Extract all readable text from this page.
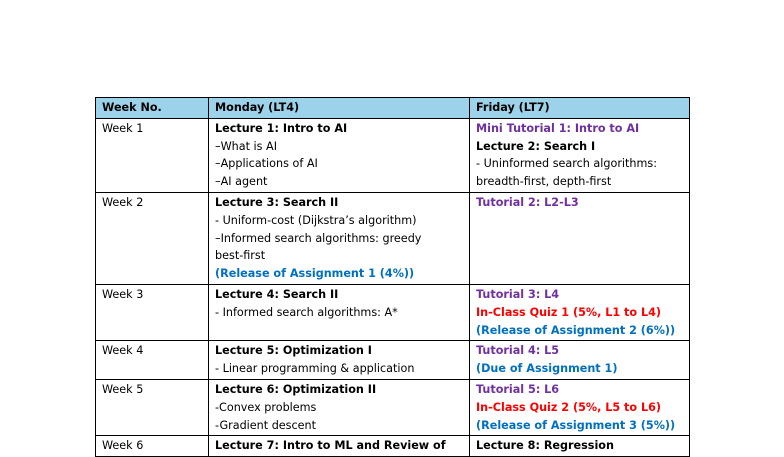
Week No.	Monday (LT4)	Friday (LT7)
Week 1	Lecture 1: Intro to AI
–What is AI
–Applications of AI
–AI agent	Mini Tutorial 1: Intro to AI
Lecture 2: Search I
- Uninformed search algorithms:
breadth-first, depth-first

Week 2	Lecture 3: Search II
- Uniform-cost (Dijkstra’s algorithm)
–Informed search algorithms: greedy
best-first
(Release of Assignment 1 (4%))	Tutorial 2: L2-L3

Week 3	Lecture 4: Search II
- Informed search algorithms: A*	Tutorial 3: L4
In-Class Quiz 1 (5%, L1 to L4)
(Release of Assignment 2 (6%))

Week 4	Lecture 5: Optimization I
- Linear programming & application	Tutorial 4: L5
(Due of Assignment 1)

Week 5	Lecture 6: Optimization II
-Convex problems
-Gradient descent	Tutorial 5: L6
In-Class Quiz 2 (5%, L5 to L6)
(Release of Assignment 3 (5%))

Week 6	Lecture 7: Intro to ML and Review of	Lecture 8: Regression
